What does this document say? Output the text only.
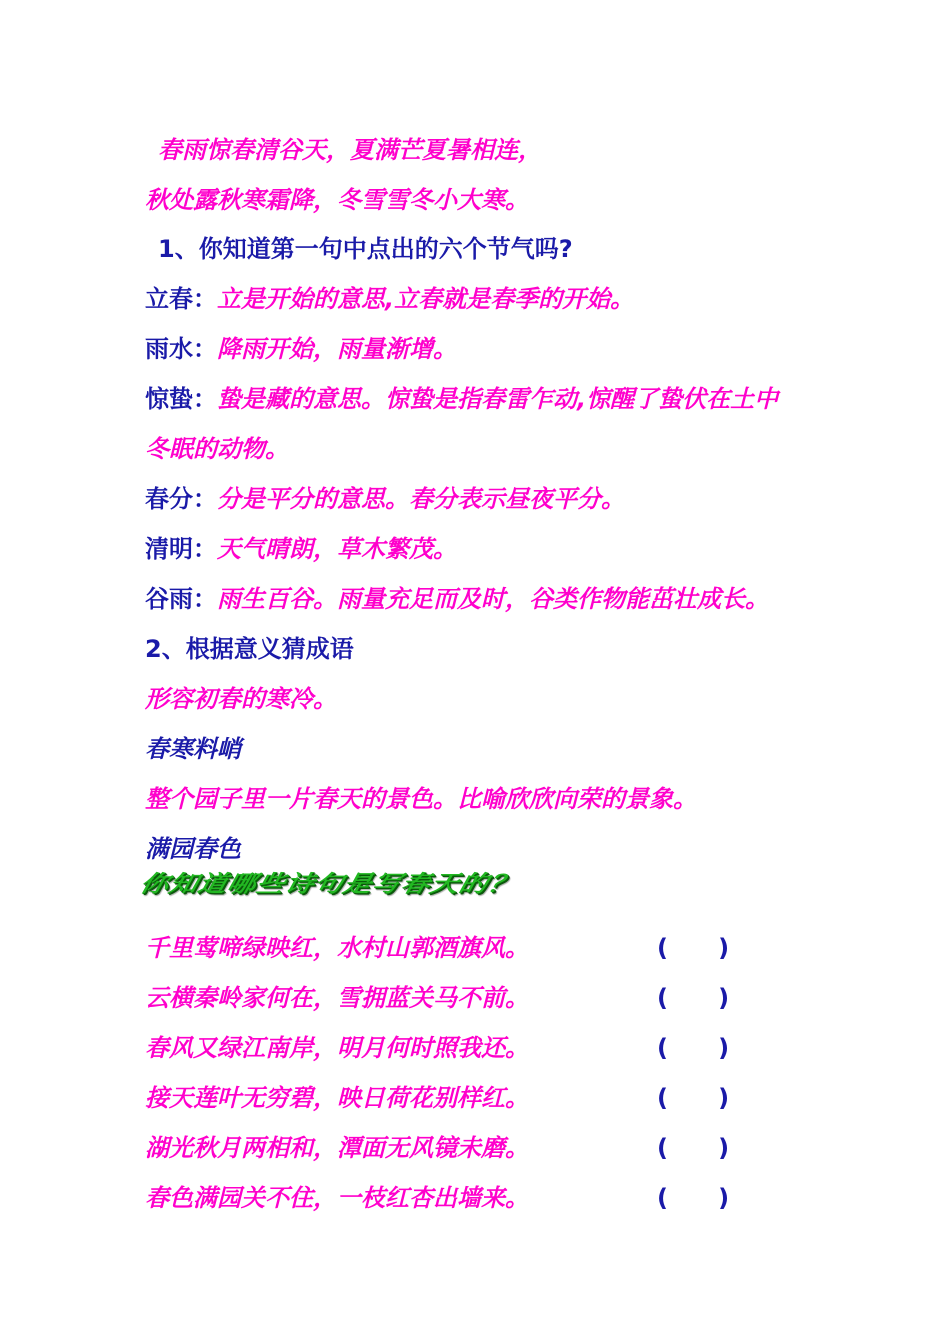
春雨惊春清谷天，夏满芒夏暑相连，
秋处露秋寒霜降，冬雪雪冬小大寒。
1、你知道第一句中点出的六个节气吗?
立春：立是开始的意思,立春就是春季的开始。
雨水：降雨开始，雨量渐增。
惊蛰：蛰是藏的意思。惊蛰是指春雷乍动,惊醒了蛰伏在土中
冬眠的动物。
春分：分是平分的意思。春分表示昼夜平分。
清明：天气晴朗，草木繁茂。
谷雨：雨生百谷。雨量充足而及时，谷类作物能茁壮成长。
2、根据意义猜成语
形容初春的寒冷。
春寒料峭
整个园子里一片春天的景色。比喻欣欣向荣的景象。
满园春色
你知道哪些诗句是写春天的？
千里莺啼绿映红，水村山郭酒旗风。	(      )
云横秦岭家何在，雪拥蓝关马不前。	(      )
春风又绿江南岸，明月何时照我还。	(      )
接天莲叶无穷碧，映日荷花别样红。	(      )
湖光秋月两相和，潭面无风镜未磨。	(      )
春色满园关不住，一枝红杏出墙来。	(      )
